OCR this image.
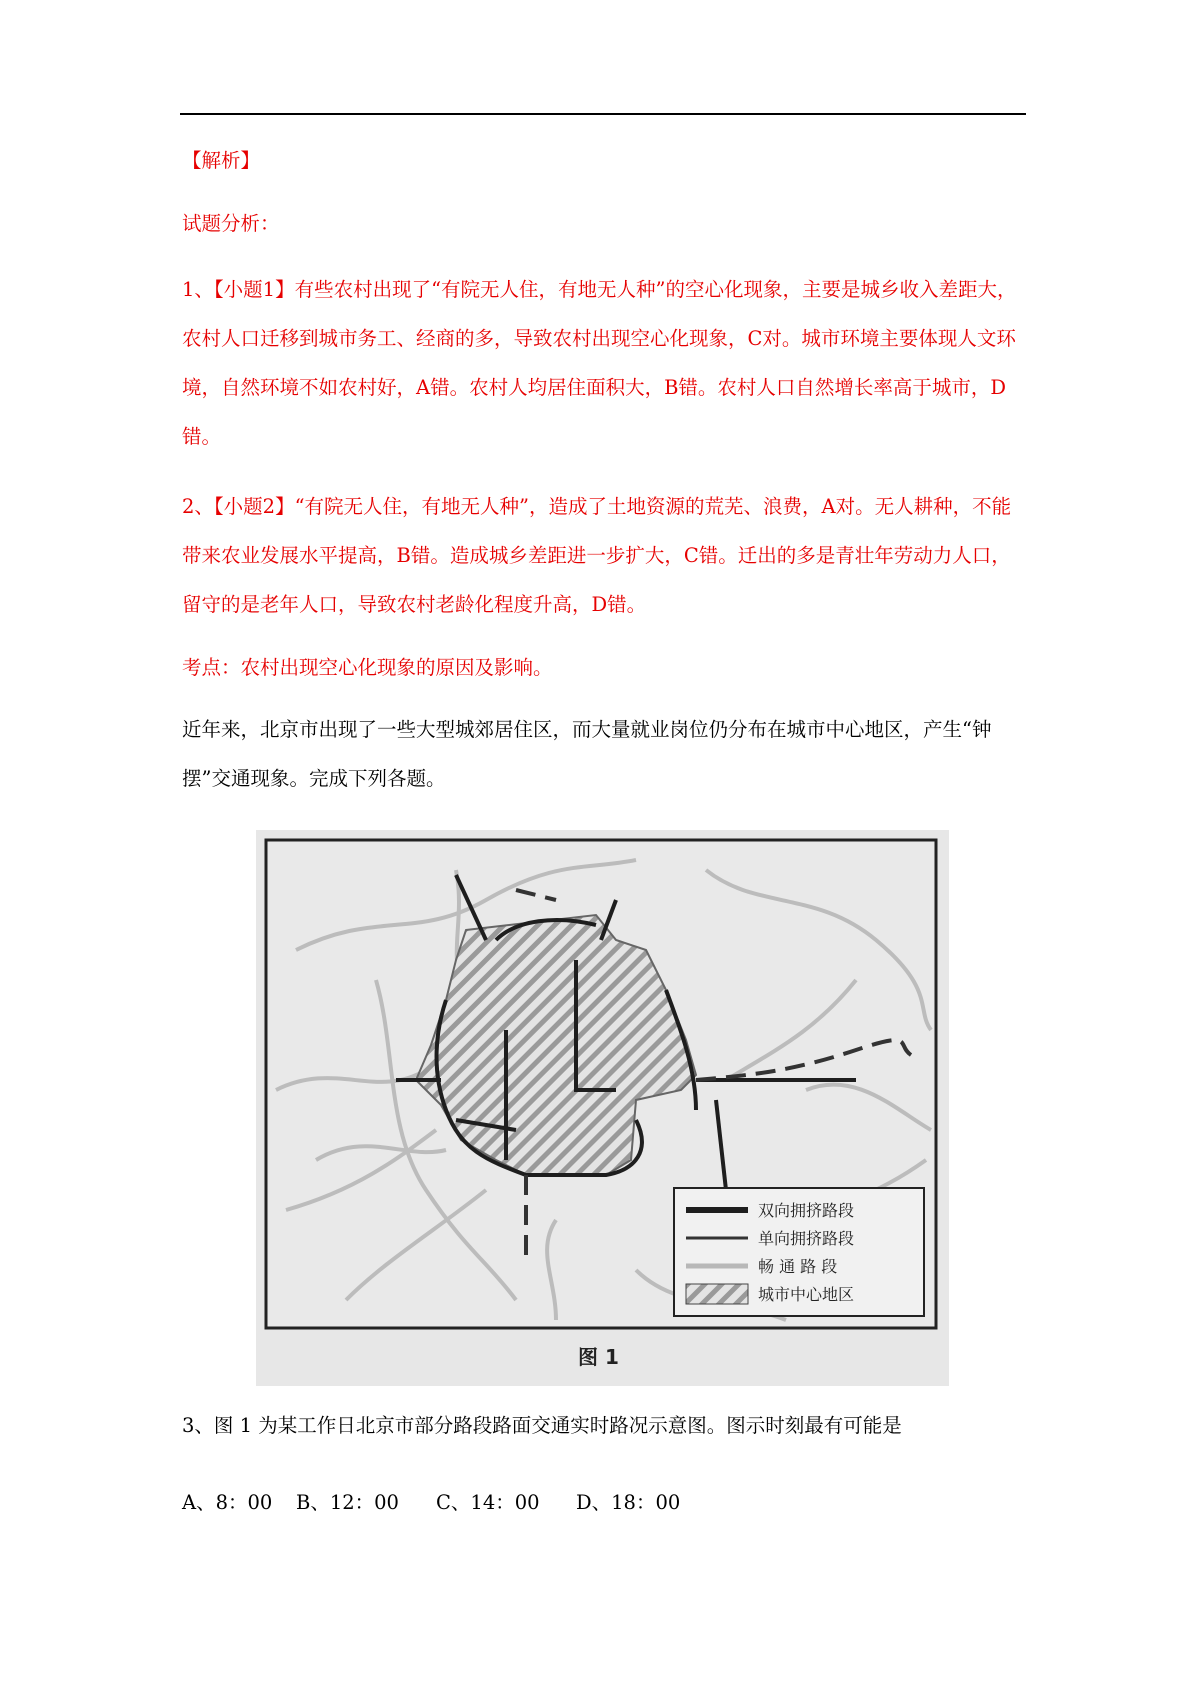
【解析】

试题分析：

1、【小题1】有些农村出现了“有院无人住，有地无人种”的空心化现象，主要是城乡收入差距大，农村人口迁移到城市务工、经商的多，导致农村出现空心化现象，C对。城市环境主要体现人文环境，自然环境不如农村好，A错。农村人均居住面积大，B错。农村人口自然增长率高于城市，D错。

2、【小题2】“有院无人住，有地无人种”，造成了土地资源的荒芜、浪费，A对。无人耕种，不能带来农业发展水平提高，B错。造成城乡差距进一步扩大，C错。迁出的多是青壮年劳动力人口，留守的是老年人口，导致农村老龄化程度升高，D错。

考点：农村出现空心化现象的原因及影响。

近年来，北京市出现了一些大型城郊居住区，而大量就业岗位仍分布在城市中心地区，产生“钟摆”交通现象。完成下列各题。

双向拥挤路段
单向拥挤路段
畅 通 路 段
城市中心地区
图 1

3、图 1 为某工作日北京市部分路段路面交通实时路况示意图。图示时刻最有可能是

A、8：00 B、12：00 C、14：00 D、18：00
